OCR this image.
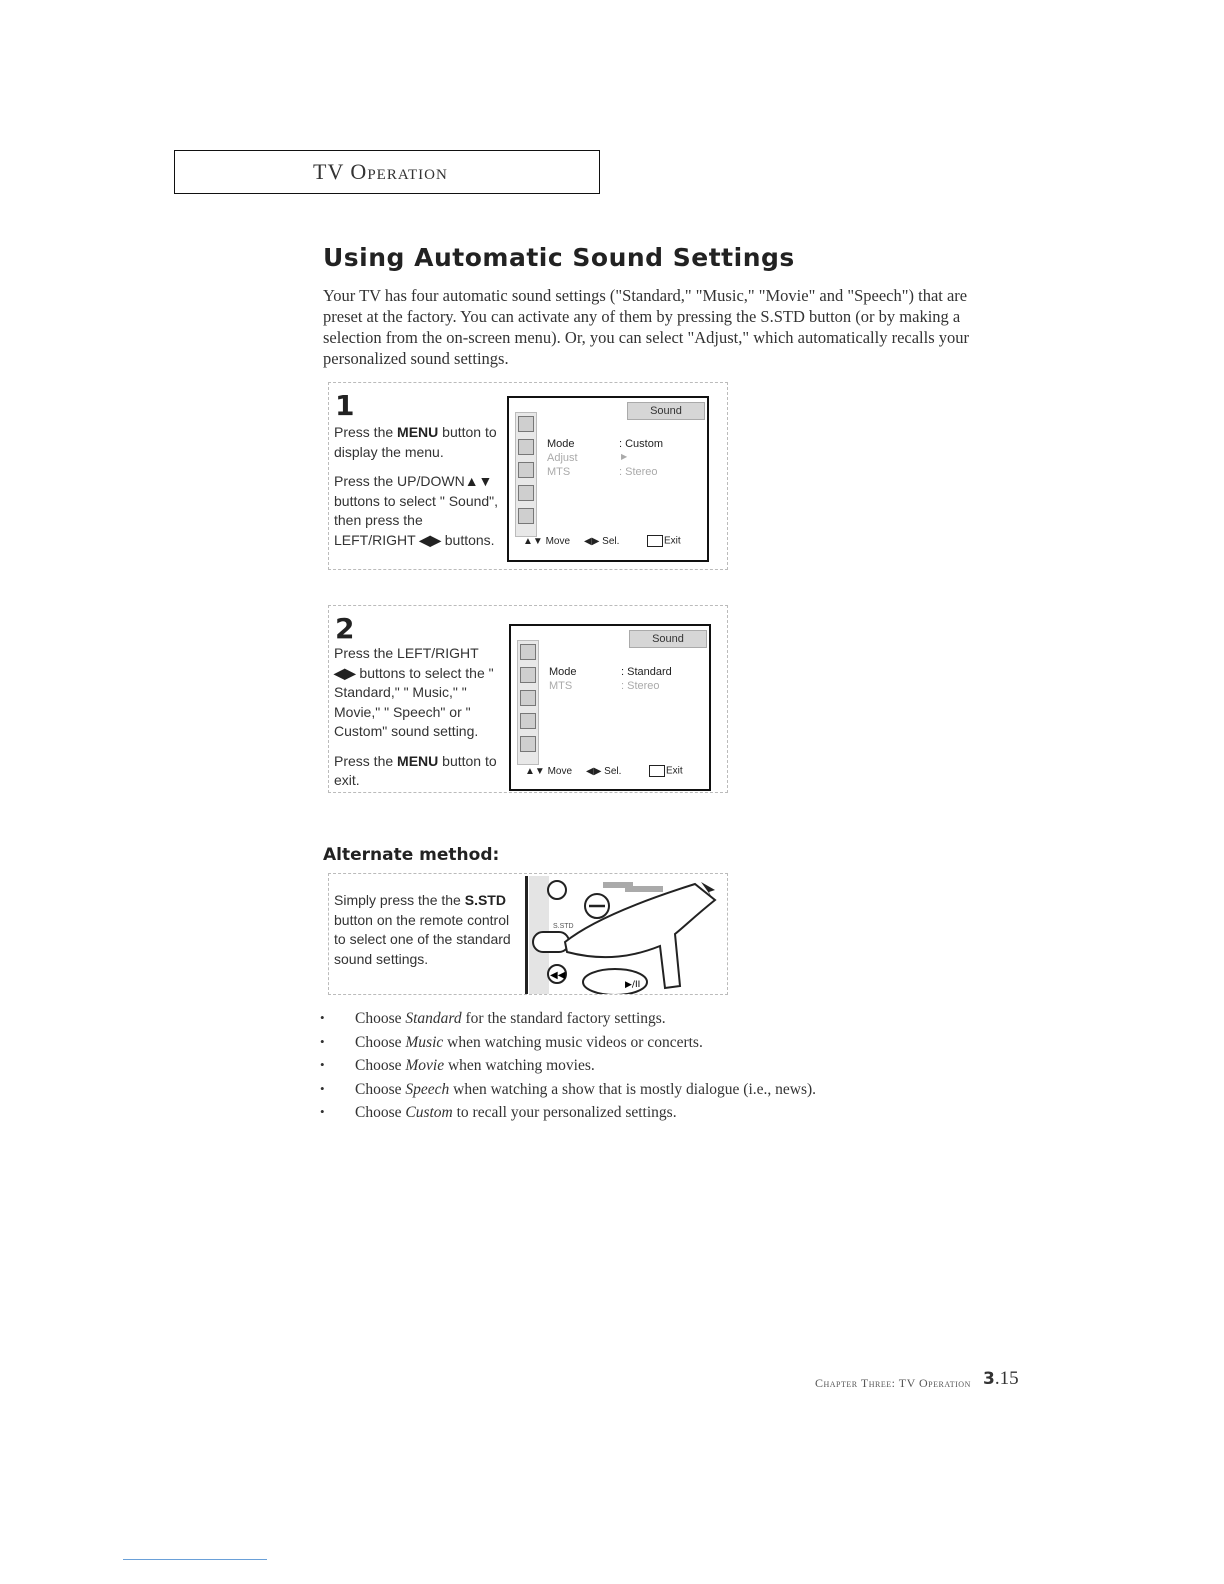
TV Operation
Using Automatic Sound Settings
Your TV has four automatic sound settings ("Standard," "Music," "Movie" and "Speech") that are preset at the factory. You can activate any of them by pressing the S.STD button (or by making a selection from the on-screen menu). Or, you can select "Adjust," which automatically recalls your personalized sound settings.
1

Press the MENU button to display the menu.

Press the UP/DOWN▲▼ buttons to select " Sound", then press the LEFT/RIGHT ◀▶ buttons.

Sound
Mode	: Custom
Adjust	▶
MTS	: Stereo
▲▼ Move ◀▶ Sel.	Exit
2

Press the LEFT/RIGHT ◀▶ buttons to select the " Standard," " Music," " Movie," " Speech" or " Custom" sound setting.

Press the MENU button to exit.

Sound
Mode	: Standard
MTS	: Stereo
▲▼ Move ◀▶ Sel.	Exit
Alternate method:
Simply press the the S.STD button on the remote control to select one of the standard sound settings.
S.STD
◀◀
▶/II
• Choose Standard for the standard factory settings.
• Choose Music when watching music videos or concerts.
• Choose Movie when watching movies.
• Choose Speech when watching a show that is mostly dialogue (i.e., news).
• Choose Custom to recall your personalized settings.
Chapter Three: TV Operation 3.15
